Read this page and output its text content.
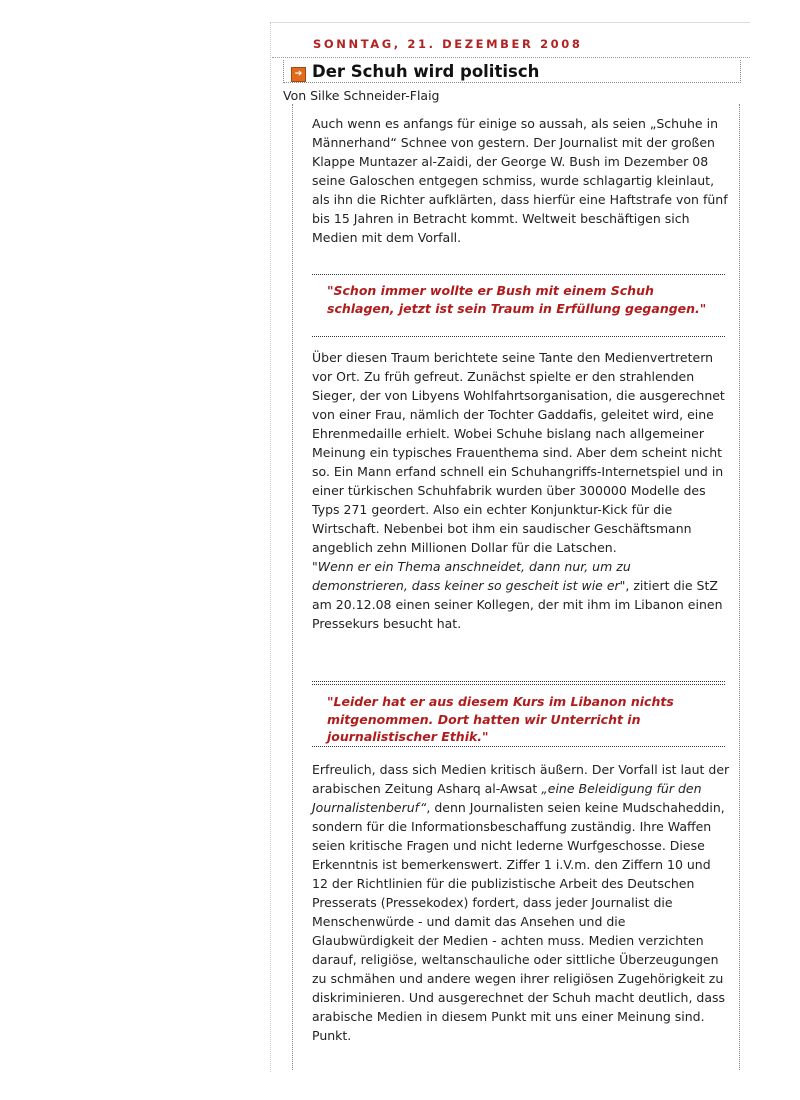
SONNTAG, 21. DEZEMBER 2008
➔ Der Schuh wird politisch
Von Silke Schneider-Flaig
Auch wenn es anfangs für einige so aussah, als seien „Schuhe in Männerhand“ Schnee von gestern. Der Journalist mit der großen Klappe Muntazer al-Zaidi, der George W. Bush im Dezember 08 seine Galoschen entgegen schmiss, wurde schlagartig kleinlaut, als ihn die Richter aufklärten, dass hierfür eine Haftstrafe von fünf bis 15 Jahren in Betracht kommt. Weltweit beschäftigen sich Medien mit dem Vorfall.
"Schon immer wollte er Bush mit einem Schuh schlagen, jetzt ist sein Traum in Erfüllung gegangen."
Über diesen Traum berichtete seine Tante den Medienvertretern vor Ort. Zu früh gefreut. Zunächst spielte er den strahlenden Sieger, der von Libyens Wohlfahrtsorganisation, die ausgerechnet von einer Frau, nämlich der Tochter Gaddafis, geleitet wird, eine Ehrenmedaille erhielt. Wobei Schuhe bislang nach allgemeiner Meinung ein typisches Frauenthema sind. Aber dem scheint nicht so. Ein Mann erfand schnell ein Schuhangriffs-Internetspiel und in einer türkischen Schuhfabrik wurden über 300000 Modelle des Typs 271 geordert. Also ein echter Konjunktur-Kick für die Wirtschaft. Nebenbei bot ihm ein saudischer Geschäftsmann angeblich zehn Millionen Dollar für die Latschen.
"Wenn er ein Thema anschneidet, dann nur, um zu demonstrieren, dass keiner so gescheit ist wie er", zitiert die StZ am 20.12.08 einen seiner Kollegen, der mit ihm im Libanon einen Pressekurs besucht hat.
"Leider hat er aus diesem Kurs im Libanon nichts mitgenommen. Dort hatten wir Unterricht in journalistischer Ethik."
Erfreulich, dass sich Medien kritisch äußern. Der Vorfall ist laut der arabischen Zeitung Asharq al-Awsat „eine Beleidigung für den Journalistenberuf“, denn Journalisten seien keine Mudschaheddin, sondern für die Informationsbeschaffung zuständig. Ihre Waffen seien kritische Fragen und nicht lederne Wurfgeschosse. Diese Erkenntnis ist bemerkenswert. Ziffer 1 i.V.m. den Ziffern 10 und 12 der Richtlinien für die publizistische Arbeit des Deutschen Presserats (Pressekodex) fordert, dass jeder Journalist die Menschenwürde - und damit das Ansehen und die Glaubwürdigkeit der Medien - achten muss. Medien verzichten darauf, religiöse, weltanschauliche oder sittliche Überzeugungen zu schmähen und andere wegen ihrer religiösen Zugehörigkeit zu diskriminieren. Und ausgerechnet der Schuh macht deutlich, dass arabische Medien in diesem Punkt mit uns einer Meinung sind. Punkt.
